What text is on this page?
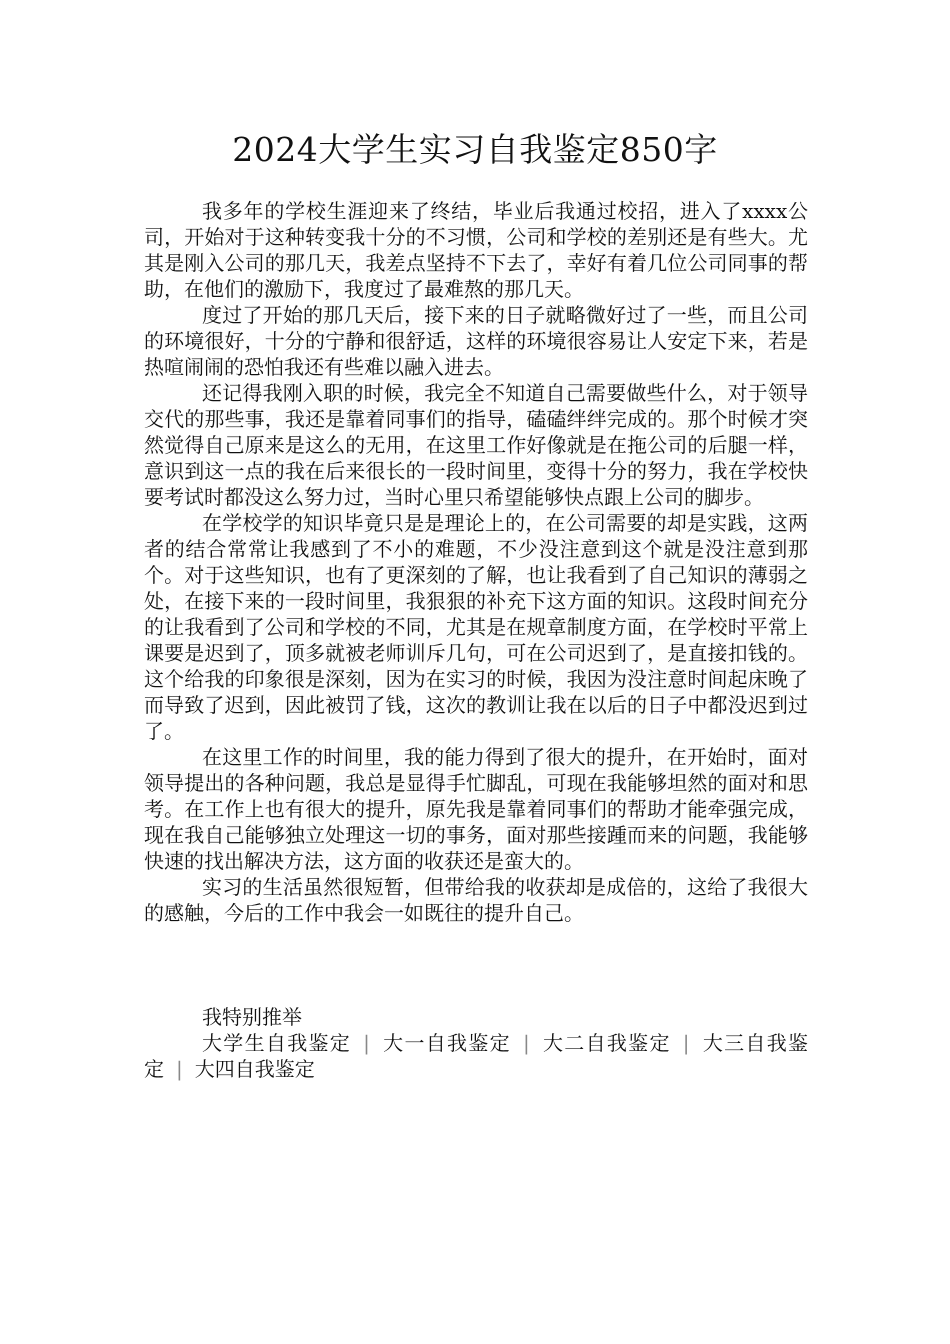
2024大学生实习自我鉴定850字

我多年的学校生涯迎来了终结，毕业后我通过校招，进入了xxxx公司，开始对于这种转变我十分的不习惯，公司和学校的差别还是有些大。尤其是刚入公司的那几天，我差点坚持不下去了，幸好有着几位公司同事的帮助，在他们的激励下，我度过了最难熬的那几天。

度过了开始的那几天后，接下来的日子就略微好过了一些，而且公司的环境很好，十分的宁静和很舒适，这样的环境很容易让人安定下来，若是热喧闹闹的恐怕我还有些难以融入进去。

还记得我刚入职的时候，我完全不知道自己需要做些什么，对于领导交代的那些事，我还是靠着同事们的指导，磕磕绊绊完成的。那个时候才突然觉得自己原来是这么的无用，在这里工作好像就是在拖公司的后腿一样，意识到这一点的我在后来很长的一段时间里，变得十分的努力，我在学校快要考试时都没这么努力过，当时心里只希望能够快点跟上公司的脚步。

在学校学的知识毕竟只是是理论上的，在公司需要的却是实践，这两者的结合常常让我感到了不小的难题，不少没注意到这个就是没注意到那个。对于这些知识，也有了更深刻的了解，也让我看到了自己知识的薄弱之处，在接下来的一段时间里，我狠狠的补充下这方面的知识。这段时间充分的让我看到了公司和学校的不同，尤其是在规章制度方面，在学校时平常上课要是迟到了，顶多就被老师训斥几句，可在公司迟到了，是直接扣钱的。这个给我的印象很是深刻，因为在实习的时候，我因为没注意时间起床晚了而导致了迟到，因此被罚了钱，这次的教训让我在以后的日子中都没迟到过了。

在这里工作的时间里，我的能力得到了很大的提升，在开始时，面对领导提出的各种问题，我总是显得手忙脚乱，可现在我能够坦然的面对和思考。在工作上也有很大的提升，原先我是靠着同事们的帮助才能牵强完成，现在我自己能够独立处理这一切的事务，面对那些接踵而来的问题，我能够快速的找出解决方法，这方面的收获还是蛮大的。

实习的生活虽然很短暂，但带给我的收获却是成倍的，这给了我很大的感触，今后的工作中我会一如既往的提升自己。

我特别推举

大学生自我鉴定 | 大一自我鉴定 | 大二自我鉴定 | 大三自我鉴定 | 大四自我鉴定
